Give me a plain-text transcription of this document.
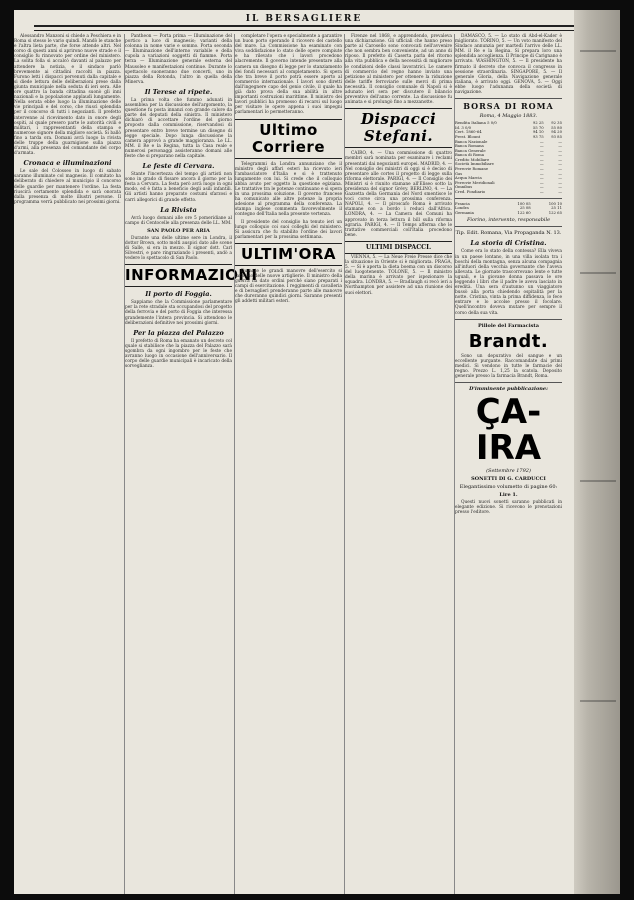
IL BERSAGLIERE

Alessandro Manzoni si chiede a Peschiera e in Roma si stesso le vario quindi. Mandò le stanche e l'altra lieta parte, che forse attende altri. Nel corso di questi anni si aprirono nuove strade e il consiglio fu rinnovato per ordine del ministero. La solita folla si accalcò davanti al palazzo per attendere la notizia, e il sindaco parlò brevemente ai cittadini raccolti in piazza. Furono letti i dispacci pervenuti dalla capitale e si diede lettura delle deliberazioni prese dalla giunta municipale nella seduta di ieri sera. Alle ore quattro la banda cittadina suonò gli inni nazionali e la popolazione applaudì lungamente. Nella serata ebbe luogo la illuminazione delle vie principali e del corso, che riuscì splendida per il concorso di tutti i negozianti. Il prefetto intervenne al ricevimento dato in onore degli ospiti, al quale presero parte le autorità civili e militari, i rappresentanti della stampa e numerose signore della migliore società. Si ballò fino a tarda ora. Domani avrà luogo la rivista delle truppe della guarnigione sulla piazza d'armi, alla presenza del comandante del corpo d'armata.

Cronaca e illuminazioni

Le sale del Colosseo in luogo di sabato saranno illuminate col magnesio. Il comitato ha deliberato di chiedere al municipio il concorso delle guardie per mantenere l'ordine. La festa riuscirà certamente splendida e sarà onorata dalla presenza di molte illustri persone. Il programma verrà pubblicato nei prossimi giorni.

Pantheon — Porta prima — Illuminazione del portico a luce di magnesio; varianti della colonna in nome varie e sommo. Porta seconda — Illuminazione dell'interno variabile e della cupola a variazioni soggetti di fiamme. Porta terza — Illuminazione generale esterna del Mausoleo e manifestazioni continue. Durante lo spettacolo suoneranno due concerti, uno in piazza della Rotonda, l'altro in quella della Minerva.

Il Terese al ripete.

La prima volta che fummo adunati in assemblea per la discussione dell'argomento, la questione fu posta innanzi con grande calore da parte dei deputati della sinistra. Il ministero dichiarò di accettare l'ordine del giorno proposto dalla commissione, riservandosi di presentare entro breve termine un disegno di legge speciale. Dopo lunga discussione la camera approvò a grande maggioranza. Le LL. MM. il Re e la Regina, tutta la Casa reale e numerosi personaggi assisteranno domani alle feste che si preparano nella capitale.

Le feste di Cervara.

Stante l'incertezza del tempo gli artisti non sono in grado di fissare ancora il giorno per la festa a Cervara. La festa però avrà luogo in ogni modo, ed è fatta a beneficio degli asili infantili. Gli artisti hanno preparato costumi sfarzosi e carri allegorici di grande effetto.

La Rivista

Avrà luogo domani alle ore 5 pomeridiane al campo di Centocelle alla presenza delle LL. MM.

SAN PAOLO PER ARIA

Durante una delle ultime sere in Londra, il dottor Brown, sotto molti auspici dato alle scene di Salle, si era in mezzo. Il signor dott. Carl Silvestri, e pare ringraziando i presenti, andò a vedere lo spettacolo di San Paolo.

INFORMAZIONI
Il porto di Foggia.

Sappiamo che la Commissione parlamentare per la rete stradale sta occupandosi del progetto della ferrovia e del porto di Foggia che interessa grandemente l'intera provincia. Si attendono le deliberazioni definitive nei prossimi giorni.

Per la piazza del Palazzo

Il prefetto di Roma ha emanato un decreto col quale si stabilisce che la piazza del Palazzo sarà sgombra da ogni ingombro per le feste che avranno luogo in occasione dell'anniversario. Il corpo delle guardie municipali è incaricato della sorveglianza.

completare l'opera e specialmente a garantire un buon porto sperando il ricovero del castello del mare. La Commissione ha esaminato con viva soddisfazione lo stato delle opere compiute e ha rilevato che i lavori procedono alacremente. Il governo intende presentare alla camera un disegno di legge per lo stanziamento dei fondi necessari al completamento. Si spera che tra breve il porto potrà essere aperto al commercio internazionale. I lavori sono diretti dall'ingegnere capo del genio civile, il quale ha già dato prova della sua abilità in altre importanti costruzioni marittime. Il ministro dei lavori pubblici ha promesso di recarsi sul luogo per visitare le opere appena i suoi impegni parlamentari lo permetteranno.

Ultimo Corriere

Telegrammi da Londra annunziano che il ministro degli affari esteri ha ricevuto ieri l'ambasciatore d'Italia e si è trattenuto lungamente con lui. Si crede che il colloquio abbia avuto per oggetto la questione egiziana. Le trattative tra le potenze continuano e si spera in una prossima soluzione. Il governo francese ha comunicato alle altre potenze la propria adesione al programma della conferenza. La stampa inglese commenta favorevolmente il contegno dell'Italia nella presente vertenza.

Il presidente del consiglio ha tenuto ieri un lungo colloquio coi suoi colleghi del ministero. Si assicura che fu stabilito l'ordine dei lavori parlamentari per la prossima settimana.

ULTIM'ORA

Durante le grandi manovre dell'esercito si farà uso delle nuove artiglierie. Il ministro della guerra ha dato ordini perché siano preparati i campi di esercitazione. I reggimenti di cavalleria e di bersaglieri prenderanno parte alle manovre che dureranno quindici giorni. Saranno presenti gli addetti militari esteri.

Firenze nel 1868, e apprendendo, prevaleva una dichiarazione. Gli ufficiali che hanno preso parte al Carosello sono convocati nell'avvenire che non sembra ben conveniente, ad un anno di riposo. Il prefetto di Caserta parla del ritorno alla vita pubblica e della necessità di migliorare le condizioni delle classi lavoratrici. Le camere di commercio del regno hanno inviato una petizione al ministero per ottenere la riduzione delle tariffe ferroviarie sulle merci di prima necessità. Il consiglio comunale di Napoli si è adunato ieri sera per discutere il bilancio preventivo dell'anno corrente. La discussione fu animata e si prolungò fino a mezzanotte.

Dispacci Stefani.

CAIRO, 4. — Una commissione di quattro membri sarà nominata per esaminare i reclami presentati dai negozianti europei. MADRID, 4. — Nel consiglio dei ministri di oggi si è deciso di presentare alle cortes il progetto di legge sulla riforma elettorale. PARIGI, 4. — Il Consiglio dei Ministri si è riunito stamane all'Eliseo sotto la presidenza del signor Grévy. BERLINO, 4. — La Gazzetta della Germania del Nord smentisce le voci corse circa una prossima conferenza. NAPOLI, 4. — Il piroscafo Roma è arrivato stamane con a bordo i reduci dall'Africa. LONDRA, 4. — La Camera dei Comuni ha approvato in terza lettura il bill sulla riforma agraria. PARIGI, 4. — Il Temps afferma che le trattative commerciali coll'Italia procedono bene.

ULTIMI DISPACCI.

VIENNA, 5. — La Neue Freie Presse dice che la situazione in Oriente si è migliorata. PRAGA, 5. — Si è aperta la dieta boema con un discorso del luogotenente. TOLONE, 5. — Il ministro della marina è arrivato per ispezionare la squadra. LONDRA, 5. — Bradlaugh si recò ieri a Northampton per assistere ad una riunione dei suoi elettori.

DAMASCO, 5. — Lo stato di Abd-el-Kader è migliorato. TORINO, 5. — Un voto manifesto del Sindaco annunzia per martedì l'arrivo delle LL. MM. il Re e la Regina. Si prepara loro una splendida accoglienza. Il Principe di Carignano è arrivato. WASHINGTON, 5. — Il presidente ha firmato il decreto che convoca il congresso in sessione straordinaria. SINGAPORE, 5. — Il generale Gloria, della Navigazione generale italiana, è arrivato oggi. GENOVA, 5. — Oggi ebbe luogo l'adunanza della società di navigazione.

BORSA DI ROMA
Roma, 4 Maggio 1883.
Rendita Italiana 5 0/0	92 25	92 35
Id. 3 0/0	55 70	55 80
Cert. 1860-64	94 10	94 20
Prest. Blount	93 75	93 85
Banca Nazionale	—	—
Banca Romana	—	—
Banca Generale	—	—
Banca di Roma	—	—
Credito Mobiliare	—	—
Società Immobiliare	—	—
Ferrovie Romane	—	—
Gas	—	—
Acqua Marcia	—	—
Ferrovie Meridionali	—	—
Omnibus	—	—
Cred. Fondiario	—	—
Francia	100 05	100 10
Londra	25 08	25 11
Germania	122 60	122 65
Fiorino, intervento, responsabile
Tip. Edit. Romana, Via Propaganda N. 13.
La storia di Cristina.

Come era lo stato della contessa? Ella viveva in un paese lontano, in una villa isolata tra i boschi della montagna, senza alcuna compagnia all'infuori della vecchia governante che l'aveva allevata. Le giornate trascorrevano lente e tutte uguali, e la giovane donna passava le ore leggendo i libri che il padre le aveva lasciato in eredità. Una sera d'autunno un viaggiatore bussò alla porta chiedendo ospitalità per la notte. Cristina, vinta la prima diffidenza, lo fece entrare e lo accolse presso il focolare. Quell'incontro doveva mutare per sempre il corso della sua vita.

Pillole del Farmacista
Brandt.

Sono un depurativo del sangue e un eccellente purgante. Raccomandate dai primi medici. Si vendono in tutte le farmacie del regno. Prezzo L. 1,25 la scatola. Deposito generale presso la farmacia Brandt, Roma.

D'imminente pubblicazione:
ÇA-IRA
(Settembre 1792)
SONETTI DI G. CARDUCCI
Elegantissimo volumetto di pagine 60:
Lire 1.

Questi nuovi sonetti saranno pubblicati in elegante edizione. Si ricevono le prenotazioni presso l'editore.
